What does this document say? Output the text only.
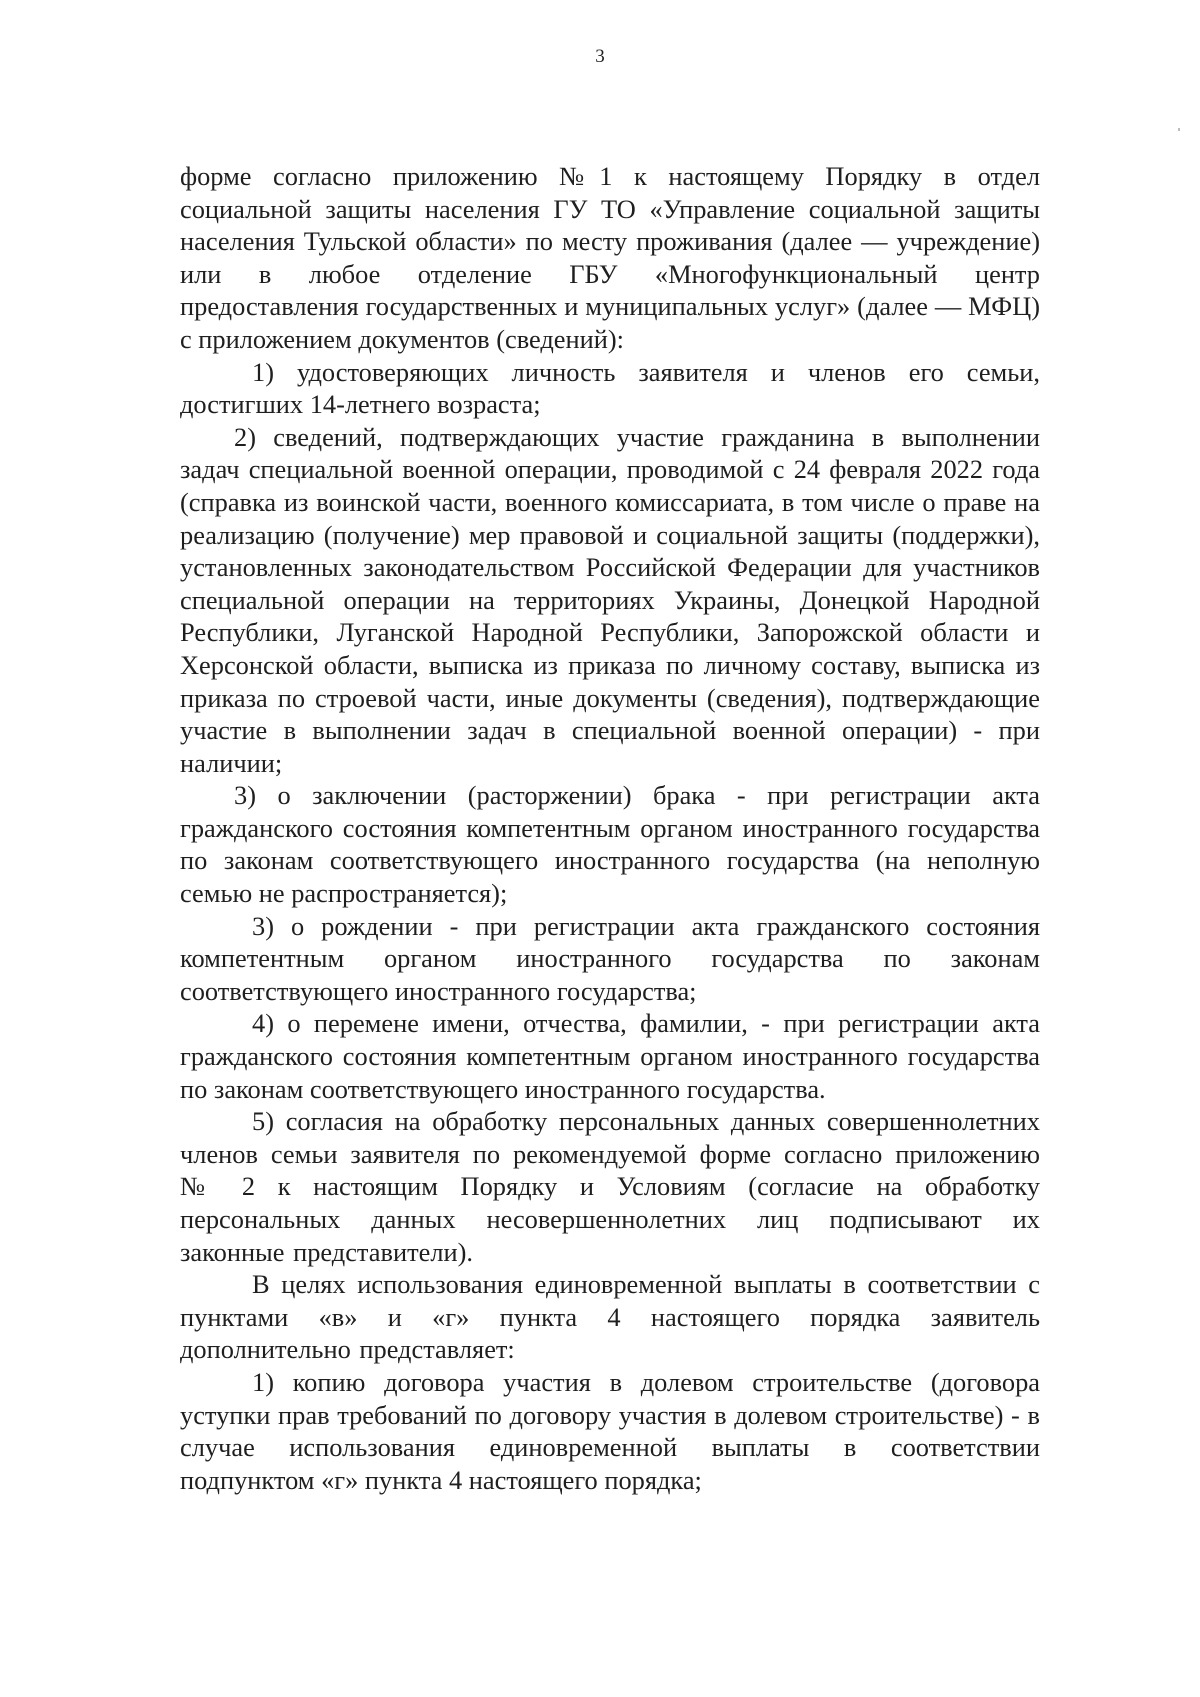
3

форме согласно приложению №1 к настоящему Порядку в отдел социальной защиты населения ГУ ТО «Управление социальной защиты населения Тульской области» по месту проживания (далее — учреждение) или в любое отделение ГБУ «Многофункциональный центр предоставления государственных и муниципальных услуг» (далее — МФЦ) с приложением документов (сведений):

1) удостоверяющих личность заявителя и членов его семьи, достигших 14-летнего возраста;

2) сведений, подтверждающих участие гражданина в выполнении задач специальной военной операции, проводимой с 24 февраля 2022 года (справка из воинской части, военного комиссариата, в том числе о праве на реализацию (получение) мер правовой и социальной защиты (поддержки), установленных законодательством Российской Федерации для участников специальной операции на территориях Украины, Донецкой Народной Республики, Луганской Народной Республики, Запорожской области и Херсонской области, выписка из приказа по личному составу, выписка из приказа по строевой части, иные документы (сведения), подтверждающие участие в выполнении задач в специальной военной операции) - при наличии;

3) о заключении (расторжении) брака - при регистрации акта гражданского состояния компетентным органом иностранного государства по законам соответствующего иностранного государства (на неполную семью не распространяется);

3) о рождении - при регистрации акта гражданского состояния компетентным органом иностранного государства по законам соответствующего иностранного государства;

4) о перемене имени, отчества, фамилии, - при регистрации акта гражданского состояния компетентным органом иностранного государства по законам соответствующего иностранного государства.

5) согласия на обработку персональных данных совершеннолетних членов семьи заявителя по рекомендуемой форме согласно приложению № 2 к настоящим Порядку и Условиям (согласие на обработку персональных данных несовершеннолетних лиц подписывают их законные представители).

В целях использования единовременной выплаты в соответствии с пунктами «в» и «г» пункта 4 настоящего порядка заявитель дополнительно представляет:

1) копию договора участия в долевом строительстве (договора уступки прав требований по договору участия в долевом строительстве) - в случае использования единовременной выплаты в соответствии подпунктом «г» пункта 4 настоящего порядка;
